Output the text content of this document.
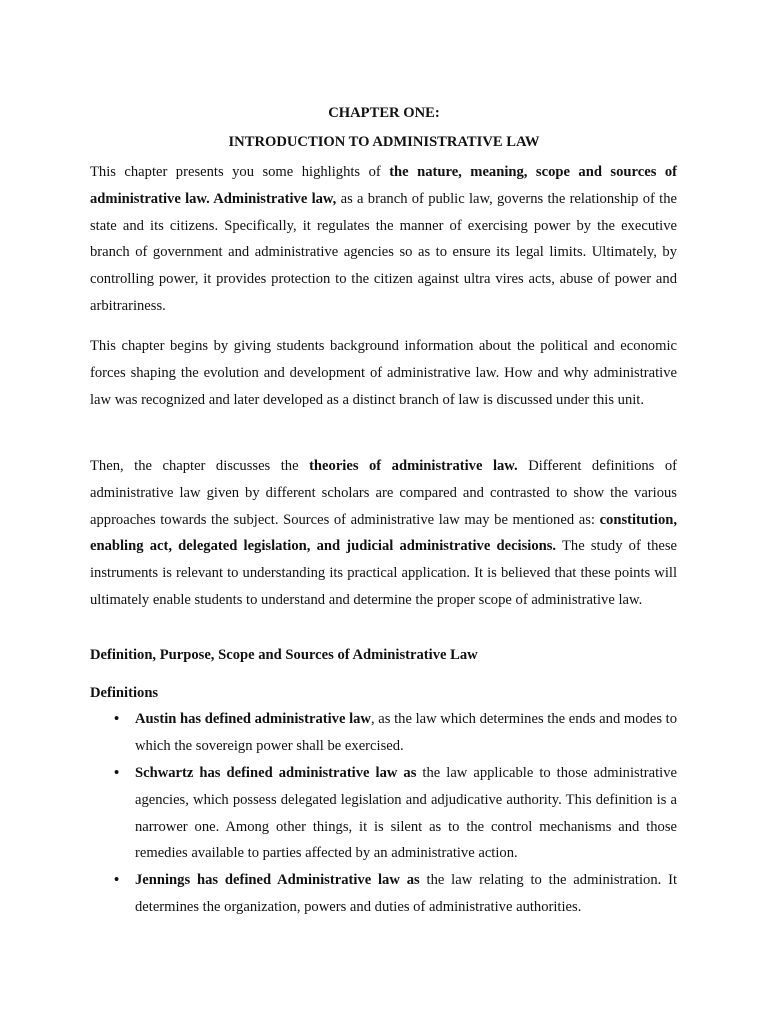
CHAPTER ONE:
INTRODUCTION TO ADMINISTRATIVE LAW

This chapter presents you some highlights of the nature, meaning, scope and sources of administrative law. Administrative law, as a branch of public law, governs the relationship of the state and its citizens. Specifically, it regulates the manner of exercising power by the executive branch of government and administrative agencies so as to ensure its legal limits. Ultimately, by controlling power, it provides protection to the citizen against ultra vires acts, abuse of power and arbitrariness.

This chapter begins by giving students background information about the political and economic forces shaping the evolution and development of administrative law. How and why administrative law was recognized and later developed as a distinct branch of law is discussed under this unit.

Then, the chapter discusses the theories of administrative law. Different definitions of administrative law given by different scholars are compared and contrasted to show the various approaches towards the subject. Sources of administrative law may be mentioned as: constitution, enabling act, delegated legislation, and judicial administrative decisions. The study of these instruments is relevant to understanding its practical application. It is believed that these points will ultimately enable students to understand and determine the proper scope of administrative law.

Definition, Purpose, Scope and Sources of Administrative Law
Definitions
• Austin has defined administrative law, as the law which determines the ends and modes to which the sovereign power shall be exercised.

• Schwartz has defined administrative law as the law applicable to those administrative agencies, which possess delegated legislation and adjudicative authority. This definition is a narrower one. Among other things, it is silent as to the control mechanisms and those remedies available to parties affected by an administrative action.

• Jennings has defined Administrative law as the law relating to the administration. It determines the organization, powers and duties of administrative authorities.
